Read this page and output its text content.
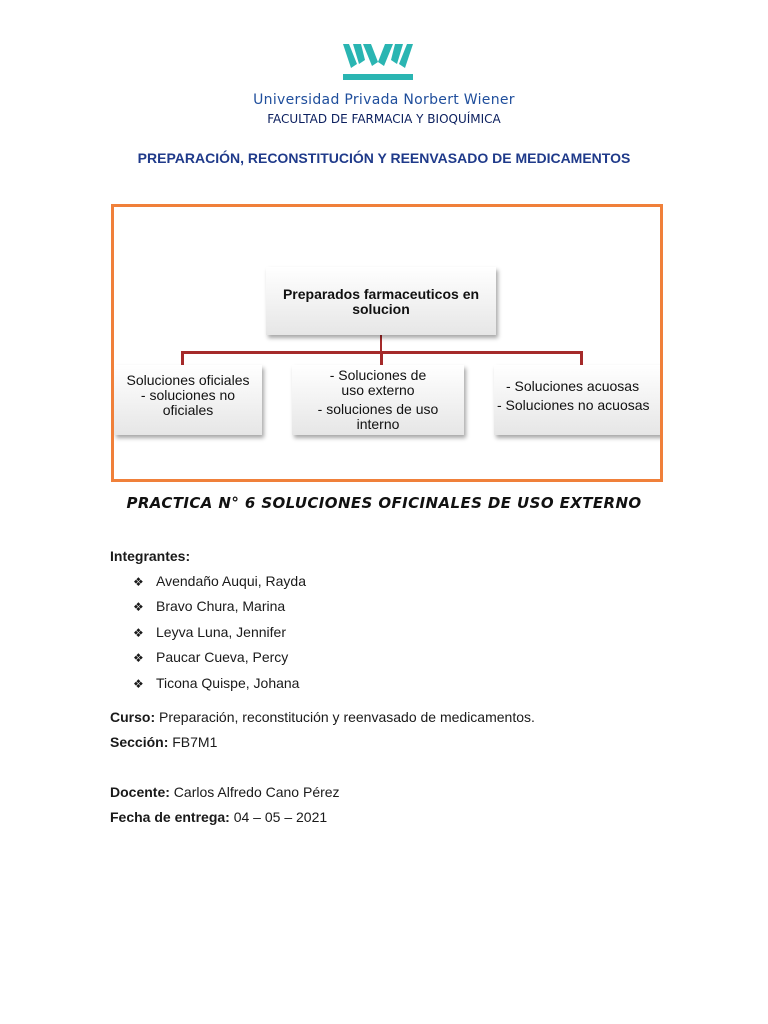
Universidad Privada Norbert Wiener
FACULTAD DE FARMACIA Y BIOQUÍMICA
PREPARACIÓN, RECONSTITUCIÓN Y REENVASADO DE MEDICAMENTOS
Preparados farmaceuticos en solucion
Soluciones oficiales
- soluciones no oficiales
- Soluciones de uso externo
- soluciones de uso interno
- Soluciones acuosas
- Soluciones no acuosas
PRACTICA N° 6 SOLUCIONES OFICINALES DE USO EXTERNO
Integrantes:
❖ Avendaño Auqui, Rayda
❖ Bravo Chura, Marina
❖ Leyva Luna, Jennifer
❖ Paucar Cueva, Percy
❖ Ticona Quispe, Johana
Curso: Preparación, reconstitución y reenvasado de medicamentos.
Sección: FB7M1
Docente: Carlos Alfredo Cano Pérez
Fecha de entrega: 04 – 05 – 2021
